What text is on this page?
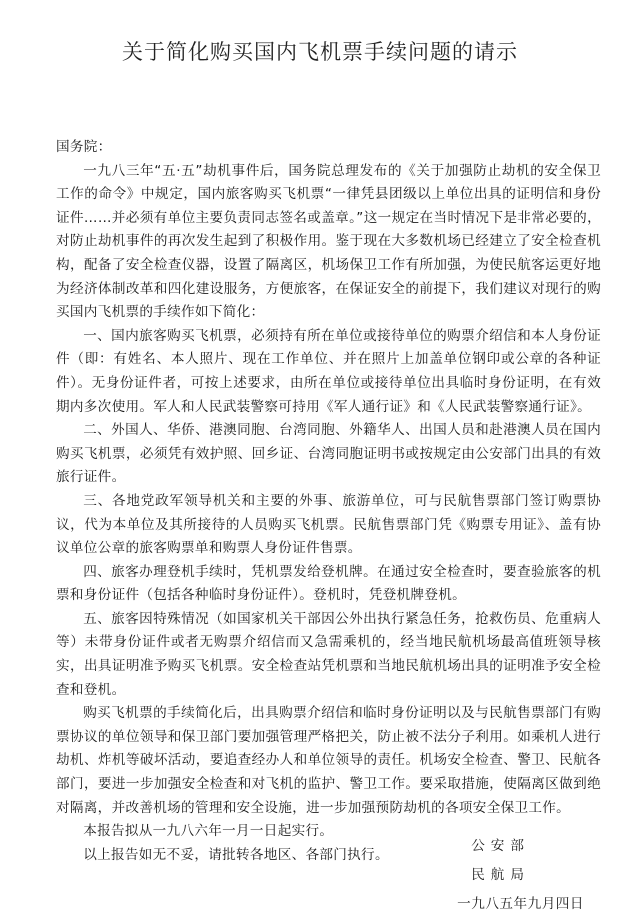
关于简化购买国内飞机票手续问题的请示

国务院：

一九八三年“五·五”劫机事件后，国务院总理发布的《关于加强防止劫机的安全保卫工作的命令》中规定，国内旅客购买飞机票“一律凭县团级以上单位出具的证明信和身份证件……并必须有单位主要负责同志签名或盖章。”这一规定在当时情况下是非常必要的，对防止劫机事件的再次发生起到了积极作用。鉴于现在大多数机场已经建立了安全检查机构，配备了安全检查仪器，设置了隔离区，机场保卫工作有所加强，为使民航客运更好地为经济体制改革和四化建设服务，方便旅客，在保证安全的前提下，我们建议对现行的购买国内飞机票的手续作如下简化：

一、国内旅客购买飞机票，必须持有所在单位或接待单位的购票介绍信和本人身份证件（即：有姓名、本人照片、现在工作单位、并在照片上加盖单位钢印或公章的各种证件）。无身份证件者，可按上述要求，由所在单位或接待单位出具临时身份证明，在有效期内多次使用。军人和人民武装警察可持用《军人通行证》和《人民武装警察通行证》。

二、外国人、华侨、港澳同胞、台湾同胞、外籍华人、出国人员和赴港澳人员在国内购买飞机票，必须凭有效护照、回乡证、台湾同胞证明书或按规定由公安部门出具的有效旅行证件。

三、各地党政军领导机关和主要的外事、旅游单位，可与民航售票部门签订购票协议，代为本单位及其所接待的人员购买飞机票。民航售票部门凭《购票专用证》、盖有协议单位公章的旅客购票单和购票人身份证件售票。

四、旅客办理登机手续时，凭机票发给登机牌。在通过安全检查时，要查验旅客的机票和身份证件（包括各种临时身份证件）。登机时，凭登机牌登机。

五、旅客因特殊情况（如国家机关干部因公外出执行紧急任务，抢救伤员、危重病人等）未带身份证件或者无购票介绍信而又急需乘机的，经当地民航机场最高值班领导核实，出具证明准予购买飞机票。安全检查站凭机票和当地民航机场出具的证明准予安全检查和登机。

购买飞机票的手续简化后，出具购票介绍信和临时身份证明以及与民航售票部门有购票协议的单位领导和保卫部门要加强管理严格把关，防止被不法分子利用。如乘机人进行劫机、炸机等破坏活动，要追查经办人和单位领导的责任。机场安全检查、警卫、民航各部门，要进一步加强安全检查和对飞机的监护、警卫工作。要采取措施，使隔离区做到绝对隔离，并改善机场的管理和安全设施，进一步加强预防劫机的各项安全保卫工作。

本报告拟从一九八六年一月一日起实行。

以上报告如无不妥，请批转各地区、各部门执行。

公安部
民航局
一九八五年九月四日
